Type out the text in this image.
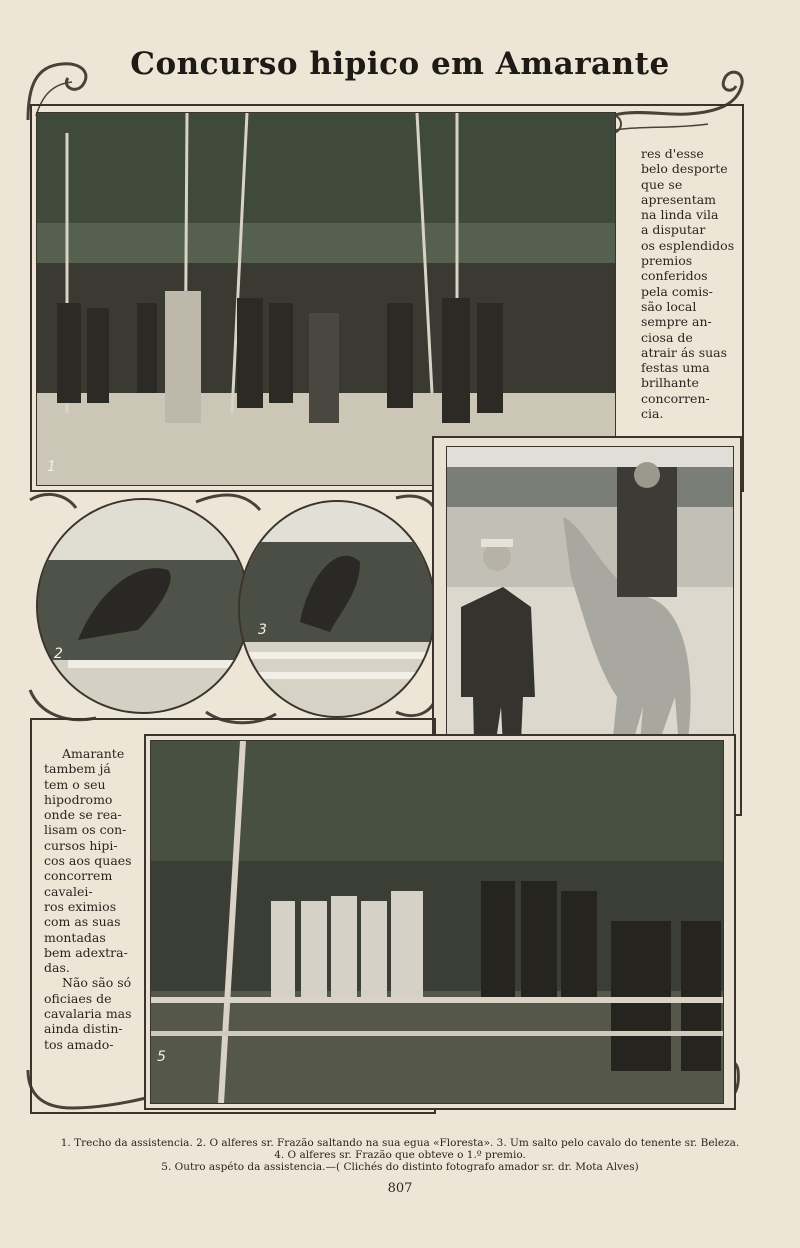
Concurso hipico em Amarante
1
res d'esse
belo desporte
que se
apresentam
na linda vila
a disputar
os esplendidos
premios
conferidos
pela comis-
são local
sempre an-
ciosa de
atrair ás suas
festas uma
brilhante
concorren-
cia.
2
3
Amarante
tambem já
tem o seu
hipodromo
onde se rea-
lisam os con-
cursos hipi-
cos aos quaes
concorrem
cavalei-
ros eximios
com as suas
montadas
bem adextra-
das.
Não são só
oficiaes de
cavalaria mas
ainda distin-
tos amado-
5
1. Trecho da assistencia. 2. O alferes sr. Frazão saltando na sua egua «Floresta». 3. Um salto pelo cavalo do tenente sr. Beleza.
4. O alferes sr. Frazão que obteve o 1.º premio.
5. Outro aspéto da assistencia.—( Clichés do distinto fotografo amador sr. dr. Mota Alves)
807
